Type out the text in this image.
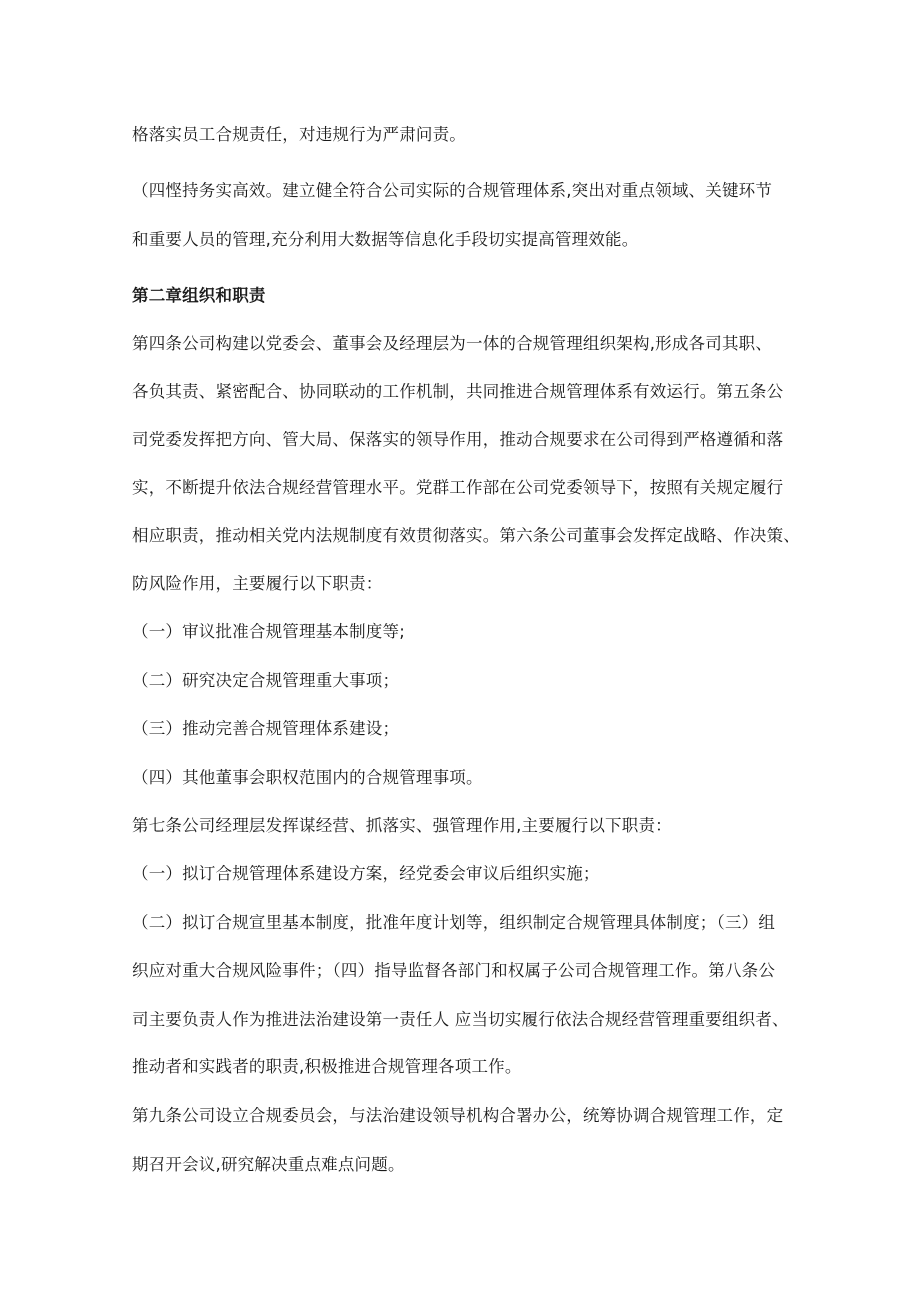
格落实员工合规责任，对违规行为严肃问责。
（四悭持务实高效。建立健全符合公司实际的合规管理体系,突出对重点领域、关键环节
和重要人员的管理,充分利用大数据等信息化手段切实提高管理效能。
第二章组织和职责
第四条公司构建以党委会、董事会及经理层为一体的合规管理组织架构,形成各司其职、
各负其责、紧密配合、协同联动的工作机制，共同推进合规管理体系有效运行。第五条公
司党委发挥把方向、管大局、保落实的领导作用，推动合规要求在公司得到严格遵循和落
实，不断提升依法合规经营管理水平。党群工作部在公司党委领导下，按照有关规定履行
相应职责，推动相关党内法规制度有效贯彻落实。第六条公司董事会发挥定战略、作决策、
防风险作用，主要履行以下职责：
（一）审议批准合规管理基本制度等;
（二）研究决定合规管理重大事项；
（三）推动完善合规管理体系建设；
（四）其他董事会职权范围内的合规管理事项。
第七条公司经理层发挥谋经营、抓落实、强管理作用,主要履行以下职责：
（一）拟订合规管理体系建设方案，经党委会审议后组织实施；
（二）拟订合规宣里基本制度，批准年度计划等，组织制定合规管理具体制度；（三）组
织应对重大合规风险事件；（四）指导监督各部门和权属子公司合规管理工作。第八条公
司主要负责人作为推进法治建设第一责任人 应当切实履行依法合规经营管理重要组织者、
推动者和实践者的职责,积极推进合规管理各项工作。
第九条公司设立合规委员会，与法治建设领导机构合署办公，统筹协调合规管理工作，定
期召开会议,研究解决重点难点问题。
